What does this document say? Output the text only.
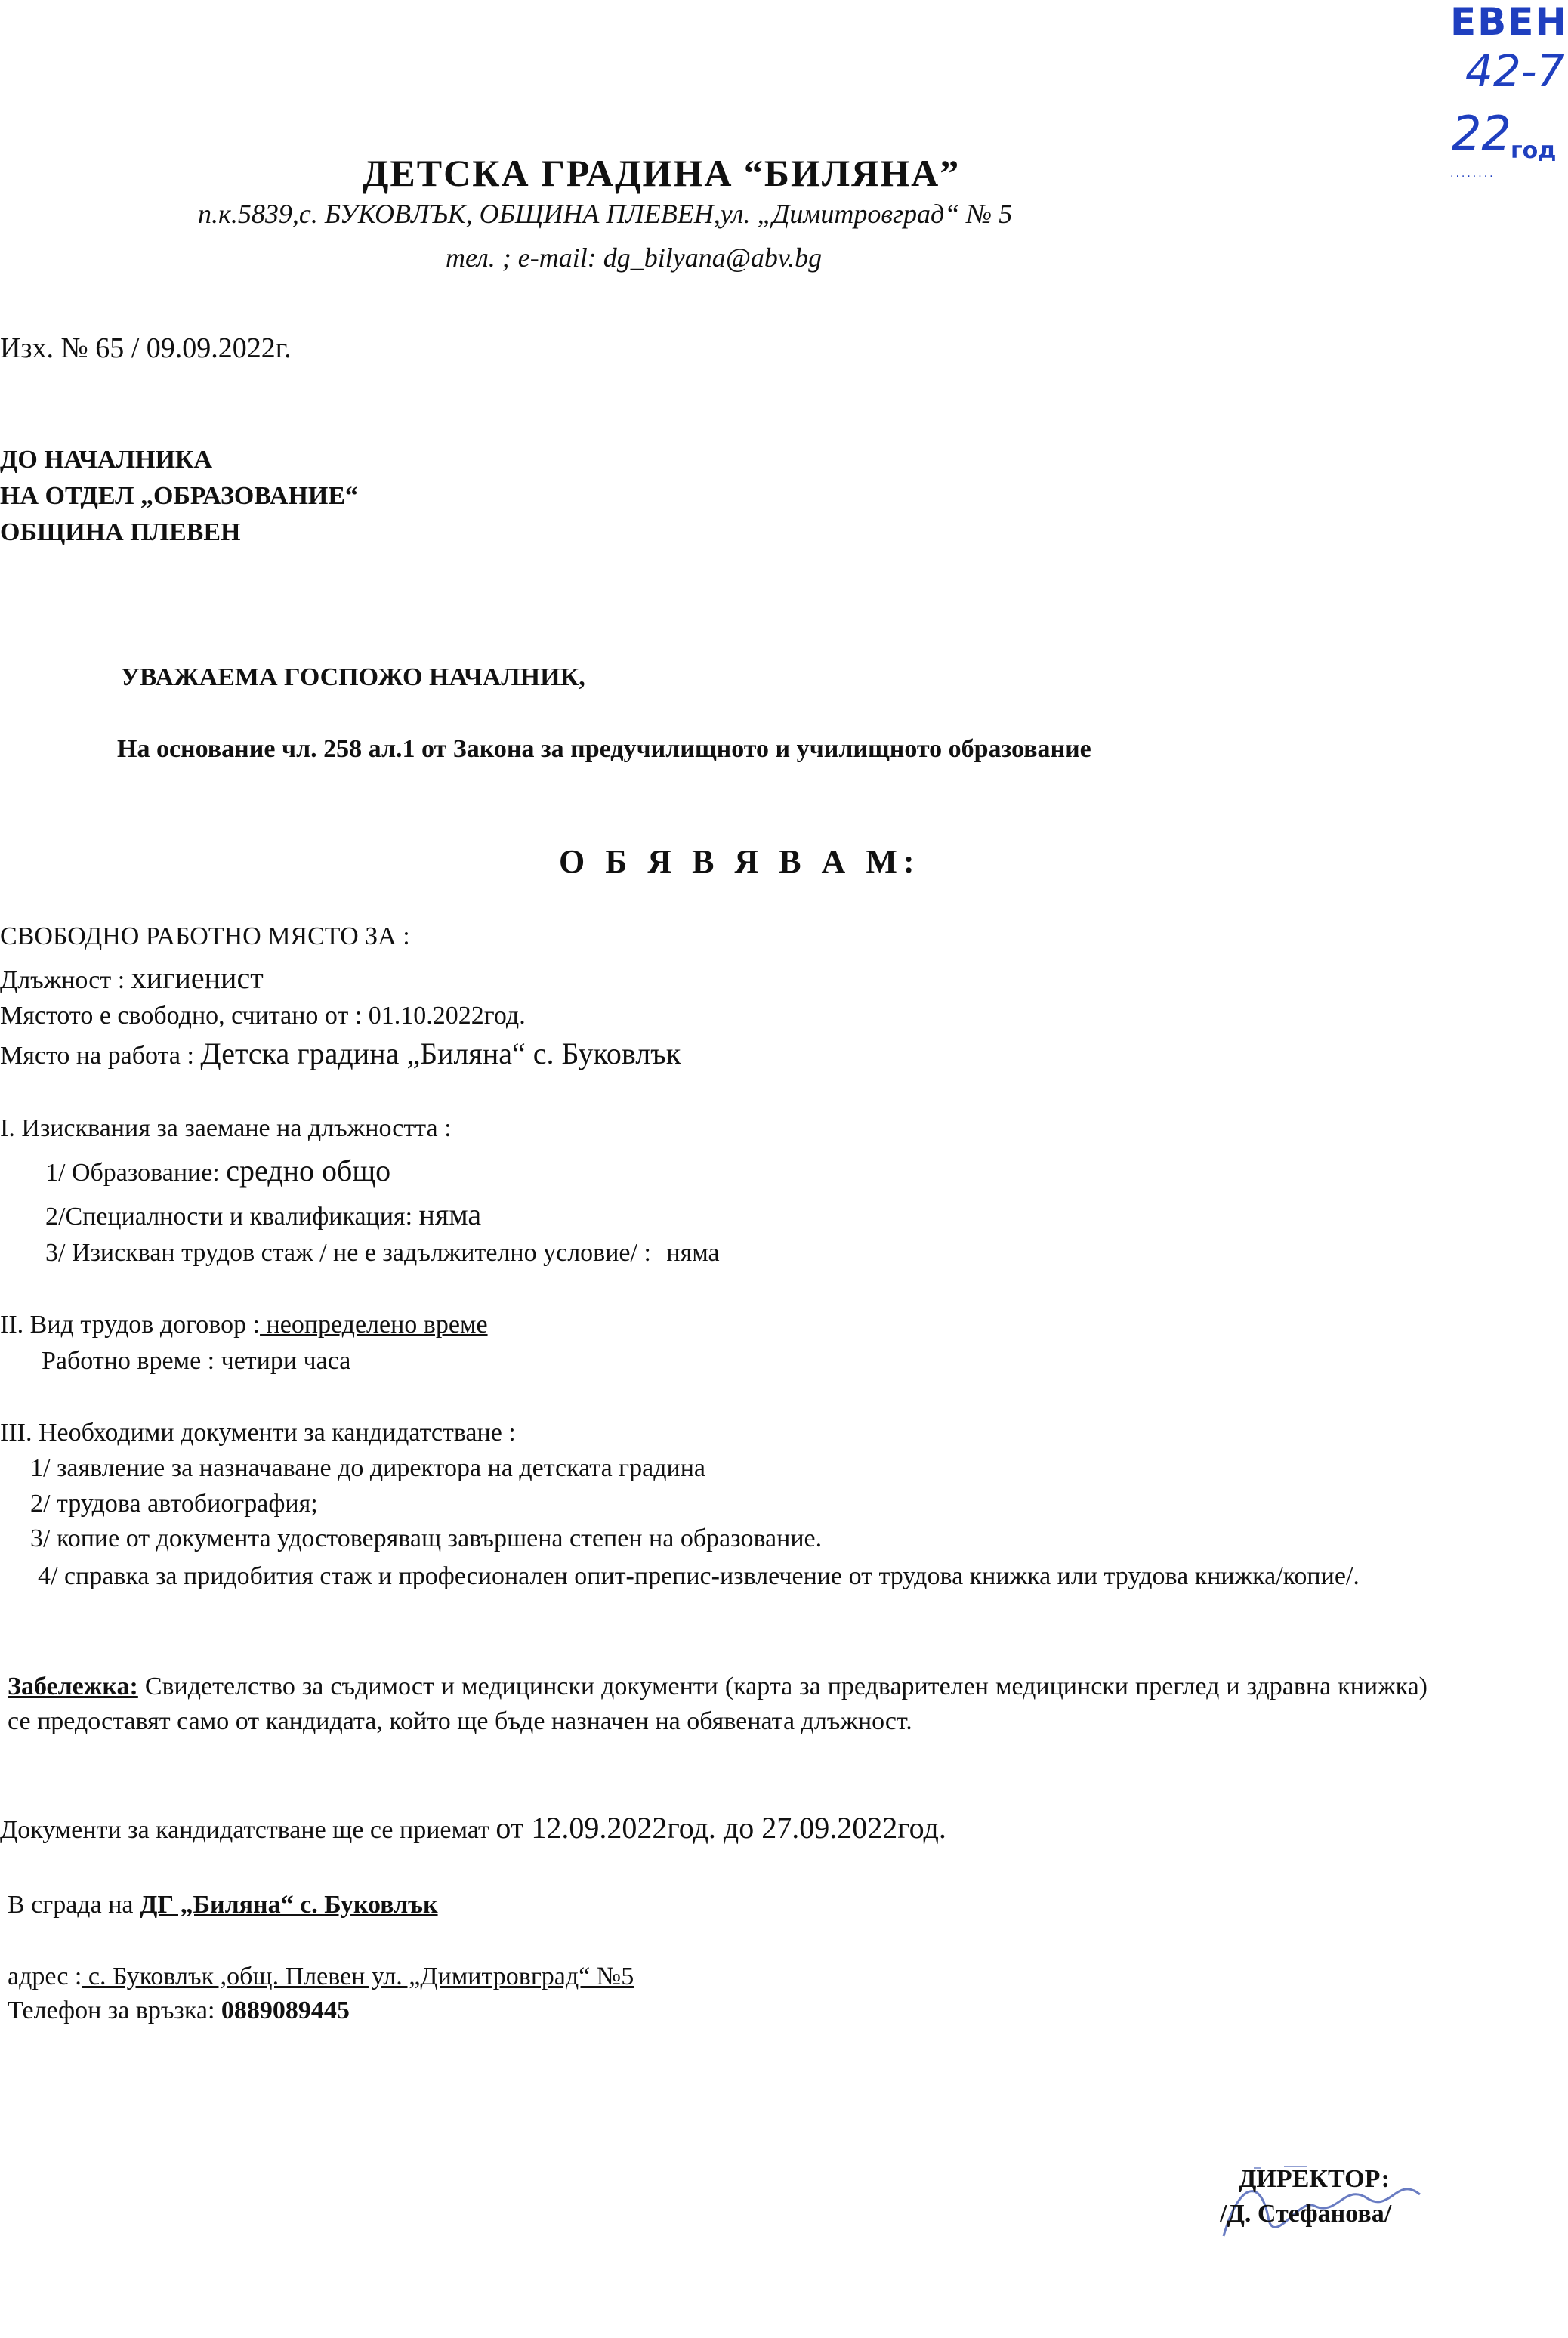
ЕВЕН
42-7
22 год
........
ДЕТСКА ГРАДИНА “БИЛЯНА”
п.к.5839,с. БУКОВЛЪК, ОБЩИНА ПЛЕВЕН,ул. „Димитровград“ № 5
тел. ; e-mail: dg_bilyana@abv.bg
Изх. № 65 / 09.09.2022г.
ДО НАЧАЛНИКА
НА ОТДЕЛ „ОБРАЗОВАНИЕ“
ОБЩИНА ПЛЕВЕН
УВАЖАЕМА ГОСПОЖО НАЧАЛНИК,
На основание чл. 258 ал.1 от Закона за предучилищното и училищното образование
О Б Я В Я В А М:
СВОБОДНО РАБОТНО МЯСТО ЗА :
Длъжност : хигиенист
Мястото е свободно, считано от : 01.10.2022год.
Място на работа : Детска градина „Биляна“ с. Буковлък
I. Изисквания за заемане на длъжността :
1/ Образование: средно общо
2/Специалности и квалификация: няма
3/ Изискван трудов стаж / не е задължително условие/ : няма
II. Вид трудов договор : неопределено време
Работно време : четири часа
III. Необходими документи за кандидатстване :
1/ заявление за назначаване до директора на детската градина
2/ трудова автобиография;
3/ копие от документа удостоверяващ завършена степен на образование.
4/ справка за придобития стаж и професионален опит-препис-извлечение от трудова книжка или трудова книжка/копие/.
Забележка: Свидетелство за съдимост и медицински документи (карта за предварителен медицински преглед и здравна книжка) се предоставят само от кандидата, който ще бъде назначен на обявената длъжност.
Документи за кандидатстване ще се приемат от 12.09.2022год. до 27.09.2022год.
В сграда на ДГ „Биляна“ с. Буковлък
адрес : с. Буковлък ,общ. Плевен ул. „Димитровград“ №5
Телефон за връзка: 0889089445
ДИРЕКТОР:
/Д. Стефанова/
